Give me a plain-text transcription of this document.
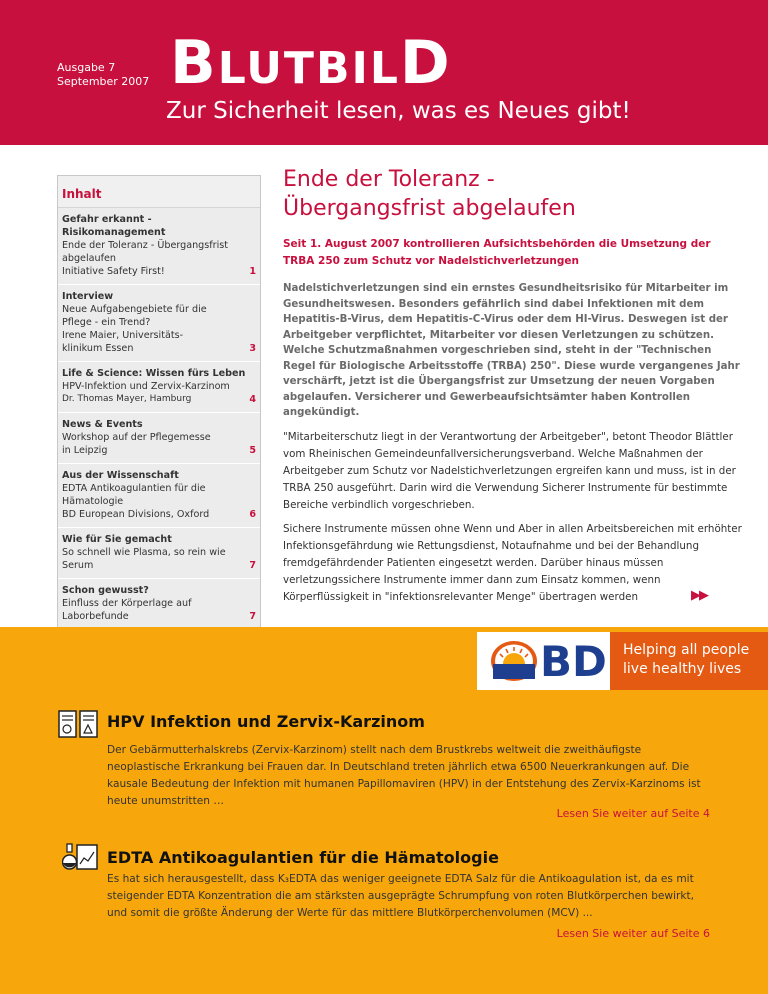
Ausgabe 7
September 2007 BLUTBILD
Zur Sicherheit lesen, was es Neues gibt!
Inhalt
Gefahr erkannt - Risikomanagement
Ende der Toleranz - Übergangsfrist
abgelaufen
Initiative Safety First!	1
Interview
Neue Aufgabengebiete für die
Pflege - ein Trend?
Irene Maier, Universitäts-
klinikum Essen	3
Life & Science: Wissen fürs Leben
HPV-Infektion und Zervix-Karzinom
Dr. Thomas Mayer, Hamburg	4
News & Events
Workshop auf der Pflegemesse
in Leipzig	5
Aus der Wissenschaft
EDTA Antikoagulantien für die
Hämatologie
BD European Divisions, Oxford	6
Wie für Sie gemacht
So schnell wie Plasma, so rein wie
Serum	7
Schon gewusst?
Einfluss der Körperlage auf
Laborbefunde	7
Ende der Toleranz -
Übergangsfrist abgelaufen
Seit 1. August 2007 kontrollieren Aufsichtsbehörden die Umsetzung der TRBA 250 zum Schutz vor Nadelstichverletzungen
Nadelstichverletzungen sind ein ernstes Gesundheitsrisiko für Mitarbeiter im Gesundheitswesen. Besonders gefährlich sind dabei Infektionen mit dem Hepatitis-B-Virus, dem Hepatitis-C-Virus oder dem HI-Virus. Deswegen ist der Arbeitgeber verpflichtet, Mitarbeiter vor diesen Verletzungen zu schützen. Welche Schutzmaßnahmen vorgeschrieben sind, steht in der "Technischen Regel für Biologische Arbeitsstoffe (TRBA) 250". Diese wurde vergangenes Jahr verschärft, jetzt ist die Übergangsfrist zur Umsetzung der neuen Vorgaben abgelaufen. Versicherer und Gewerbeaufsichtsämter haben Kontrollen angekündigt.
"Mitarbeiterschutz liegt in der Verantwortung der Arbeitgeber", betont Theodor Blättler vom Rheinischen Gemeindeunfallversicherungsverband. Welche Maßnahmen der Arbeitgeber zum Schutz vor Nadelstichverletzungen ergreifen kann und muss, ist in der TRBA 250 ausgeführt. Darin wird die Verwendung Sicherer Instrumente für bestimmte Bereiche verbindlich vorgeschrieben.
Sichere Instrumente müssen ohne Wenn und Aber in allen Arbeitsbereichen mit erhöhter Infektionsgefährdung wie Rettungsdienst, Notaufnahme und bei der Behandlung fremdgefährdender Patienten eingesetzt werden. Darüber hinaus müssen verletzungssichere Instrumente immer dann zum Einsatz kommen, wenn Körperflüssigkeit in "infektionsrelevanter Menge" übertragen werden	▶▶
BD Helping all people
live healthy lives
HPV Infektion und Zervix-Karzinom
Der Gebärmutterhalskrebs (Zervix-Karzinom) stellt nach dem Brustkrebs weltweit die zweithäufigste neoplastische Erkrankung bei Frauen dar. In Deutschland treten jährlich etwa 6500 Neuerkrankungen auf. Die kausale Bedeutung der Infektion mit humanen Papillomaviren (HPV) in der Entstehung des Zervix-Karzinoms ist heute unumstritten …
Lesen Sie weiter auf Seite 4
EDTA Antikoagulantien für die Hämatologie
Es hat sich herausgestellt, dass K₃EDTA das weniger geeignete EDTA Salz für die Antikoagulation ist, da es mit steigender EDTA Konzentration die am stärksten ausgeprägte Schrumpfung von roten Blutkörperchen bewirkt, und somit die größte Änderung der Werte für das mittlere Blutkörperchenvolumen (MCV) ...
Lesen Sie weiter auf Seite 6
